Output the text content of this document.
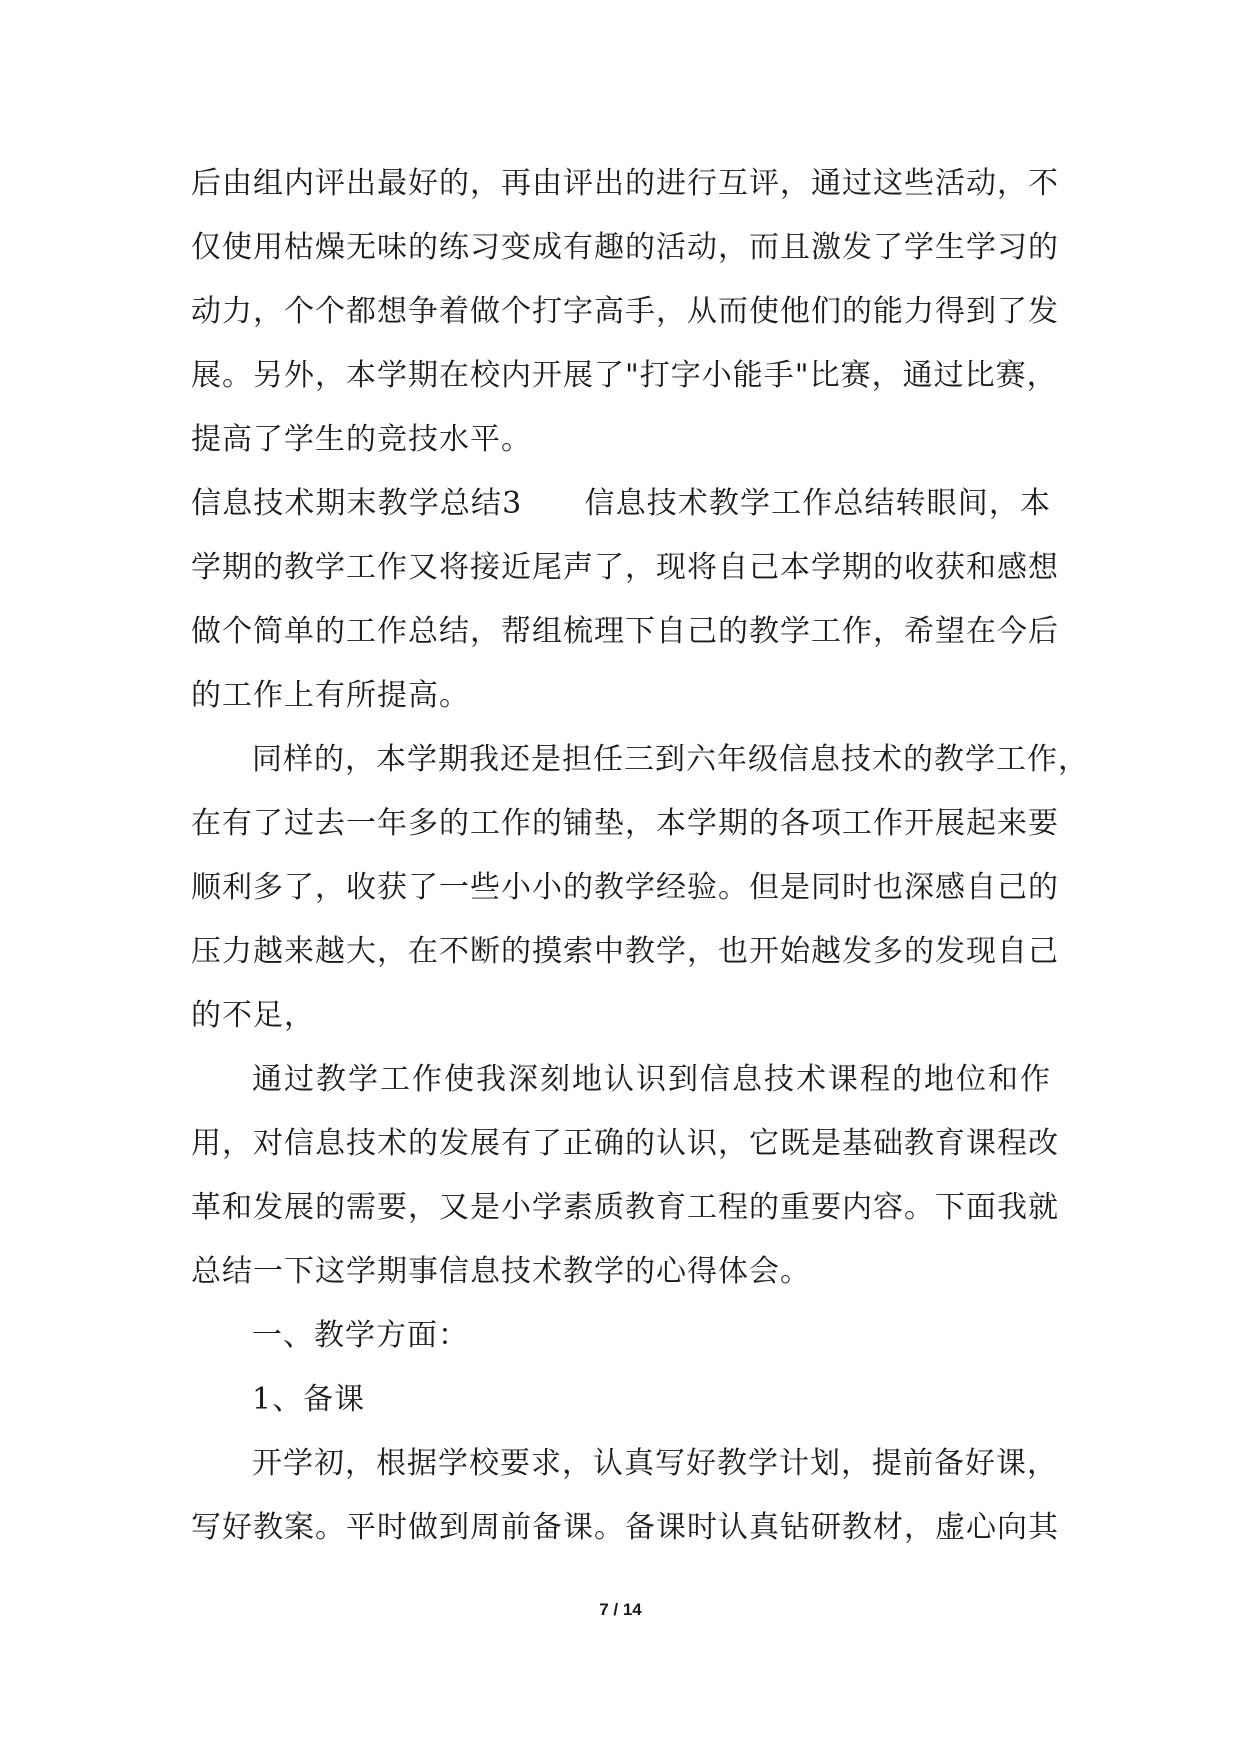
后由组内评出最好的，再由评出的进行互评，通过这些活动，不
仅使用枯燥无味的练习变成有趣的活动，而且激发了学生学习的
动力，个个都想争着做个打字高手，从而使他们的能力得到了发
展。另外，本学期在校内开展了"打字小能手"比赛，通过比赛，
提高了学生的竞技水平。
信息技术期末教学总结3　　信息技术教学工作总结转眼间，本
学期的教学工作又将接近尾声了，现将自己本学期的收获和感想
做个简单的工作总结，帮组梳理下自己的教学工作，希望在今后
的工作上有所提高。
同样的，本学期我还是担任三到六年级信息技术的教学工作，
在有了过去一年多的工作的铺垫，本学期的各项工作开展起来要
顺利多了，收获了一些小小的教学经验。但是同时也深感自己的
压力越来越大，在不断的摸索中教学，也开始越发多的发现自己
的不足，
通过教学工作使我深刻地认识到信息技术课程的地位和作
用，对信息技术的发展有了正确的认识，它既是基础教育课程改
革和发展的需要，又是小学素质教育工程的重要内容。下面我就
总结一下这学期事信息技术教学的心得体会。
一、教学方面：
1、备课
开学初，根据学校要求，认真写好教学计划，提前备好课，
写好教案。平时做到周前备课。备课时认真钻研教材，虚心向其
7 / 14
